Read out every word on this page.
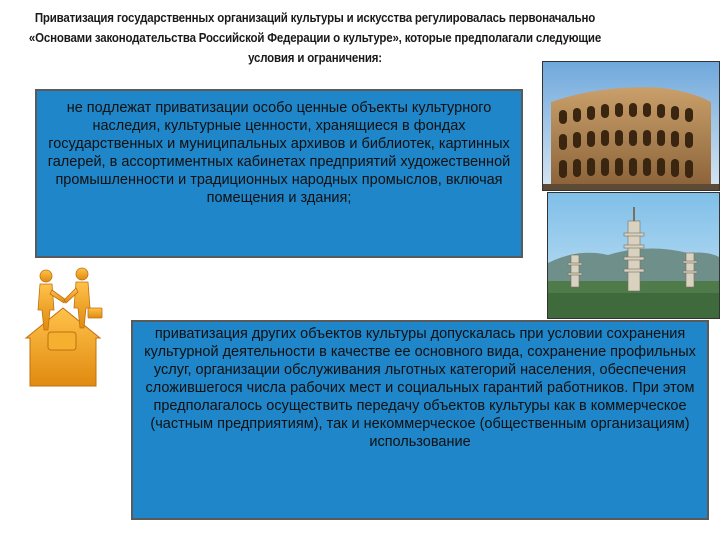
Приватизация государственных организаций культуры и искусства регулировалась первоначально
«Основами законодательства Российской Федерации о культуре», которые предполагали следующие
условия и ограничения:

не подлежат приватизации особо ценные объекты культурного наследия, культурные ценности, хранящиеся в фондах государственных и муниципальных архивов и библиотек, картинных галерей, в ассортиментных кабинетах предприятий художественной промышленности и традиционных народных промыслов, включая помещения и здания;

приватизация других объектов культуры допускалась при условии сохранения культурной деятельности в качестве ее основного вида, сохранение профильных услуг, организации обслуживания льготных категорий населения, обеспечения сложившегося числа рабочих мест и социальных гарантий работников. При этом предполагалось осуществить передачу объектов культуры как в коммерческое (частным предприятиям), так и некоммерческое (общественным организациям) использование
